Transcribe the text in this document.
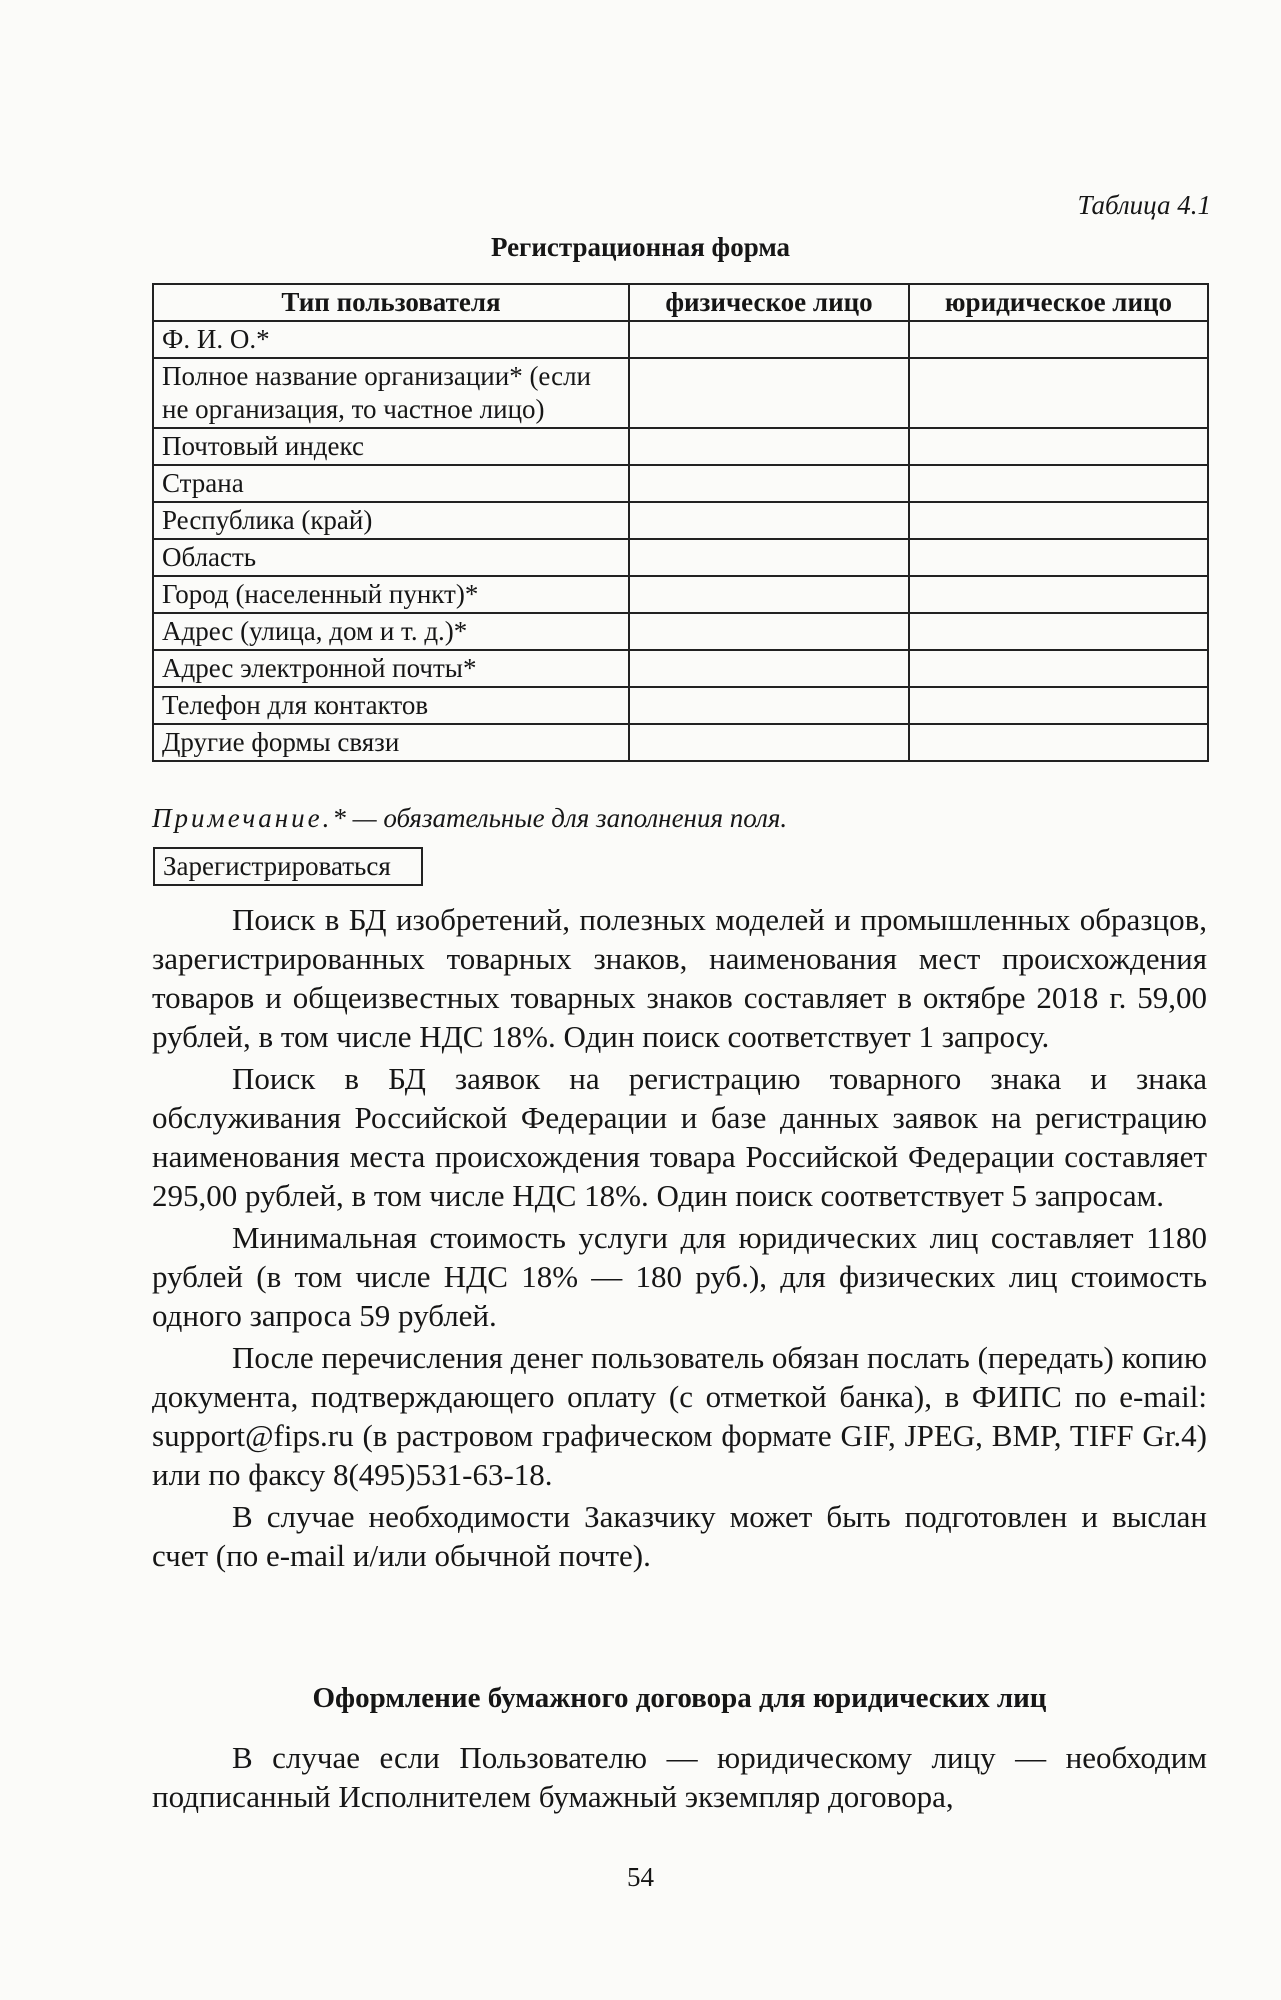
Таблица 4.1
Регистрационная форма
Тип пользователя	физическое лицо	юридическое лицо
Ф. И. О.*		
Полное название организации* (если не организация, то частное лицо)		
Почтовый индекс		
Страна		
Республика (край)		
Область		
Город (населенный пункт)*		
Адрес (улица, дом и т. д.)*		
Адрес электронной почты*		
Телефон для контактов		
Другие формы связи		
Примечание.* — обязательные для заполнения поля.
Зарегистрироваться

Поиск в БД изобретений, полезных моделей и промышленных образцов, зарегистрированных товарных знаков, наименования мест происхождения товаров и общеизвестных товарных знаков составляет в октябре 2018 г. 59,00 рублей, в том числе НДС 18%. Один поиск соответствует 1 запросу.

Поиск в БД заявок на регистрацию товарного знака и знака обслуживания Российской Федерации и базе данных заявок на регистрацию наименования места происхождения товара Российской Федерации составляет 295,00 рублей, в том числе НДС 18%. Один поиск соответствует 5 запросам.

Минимальная стоимость услуги для юридических лиц составляет 1180 рублей (в том числе НДС 18% — 180 руб.), для физических лиц стоимость одного запроса 59 рублей.

После перечисления денег пользователь обязан послать (передать) копию документа, подтверждающего оплату (с отметкой банка), в ФИПС по e-mail: support@fips.ru (в растровом графическом формате GIF, JPEG, BMP, TIFF Gr.4) или по факсу 8(495)531-63-18.

В случае необходимости Заказчику может быть подготовлен и выслан счет (по e-mail и/или обычной почте).

Оформление бумажного договора для юридических лиц

В случае если Пользователю — юридическому лицу — необходим подписанный Исполнителем бумажный экземпляр договора,

54
